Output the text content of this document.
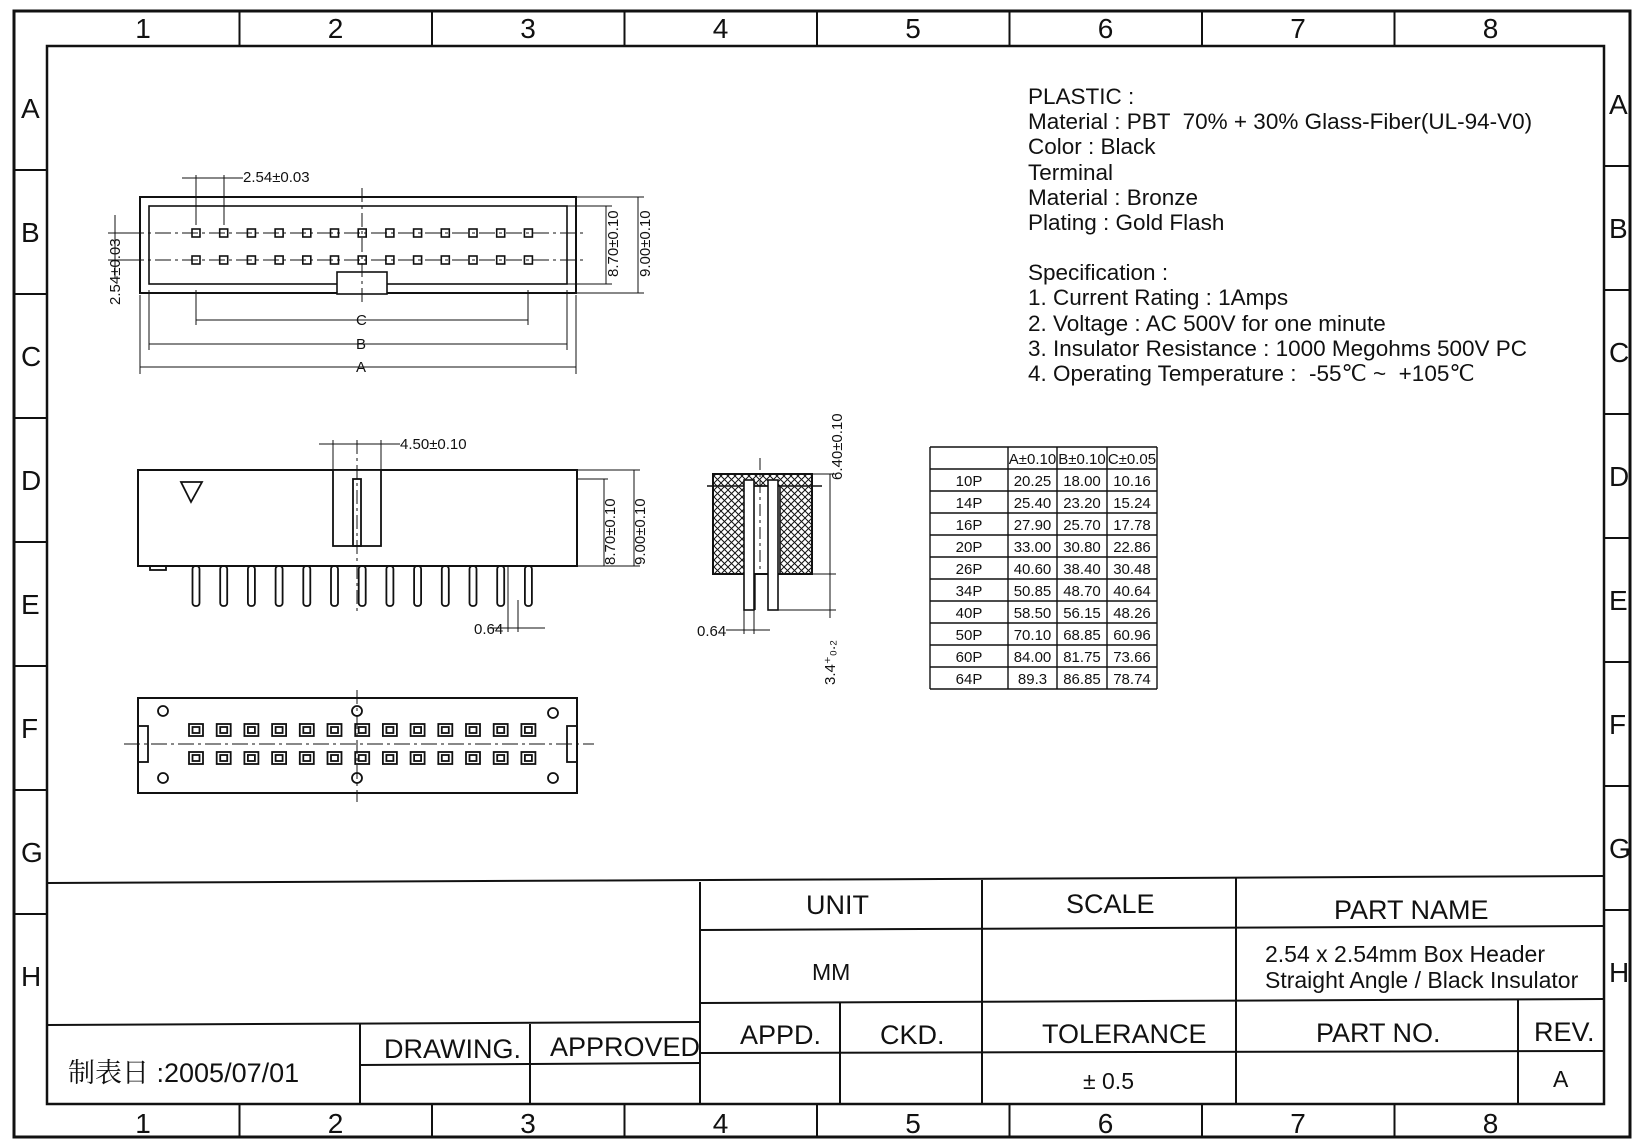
1
1
2
2
3
3
4
4
5
5
6
6
7
7
8
8
A	A
B	B
C	C
D	D
E	E
F	F
G	G
H	H
2.54±0.03
2.54±0.03	8.70±0.10 9.00±0.10
C
B
A
4.50±0.10
8.70±0.10 9.00±0.10
0.64
6.40±0.10
0.64
3.4⁺₀.₂
A±0.10 B±0.10 C±0.05
10P 20.25 18.00 10.16
14P 25.40 23.20 15.24
16P 27.90 25.70 17.78
20P 33.00 30.80 22.86
26P 40.60 38.40 30.48
34P 50.85 48.70 40.64
40P 58.50 56.15 48.26
50P 70.10 68.85 60.96
60P 84.00 81.75 73.66
64P 89.3 86.85 78.74
UNIT
MM
SCALE	PART NAME
2.54 x 2.54mm Box Header
Straight Angle / Black Insulator
APPD. CKD.	TOLERANCE
± 0.5
PART NO.	REV.
A
DRAWING. APPROVED
制表日 :2005/07/01
PLASTIC :
Material : PBT  70% + 30% Glass-Fiber(UL-94-V0)
Color : Black
Terminal
Material : Bronze
Plating : Gold Flash
Specification :
1. Current Rating : 1Amps
2. Voltage : AC 500V for one minute
3. Insulator Resistance : 1000 Megohms 500V PC
4. Operating Temperature :  -55℃ ~  +105℃
